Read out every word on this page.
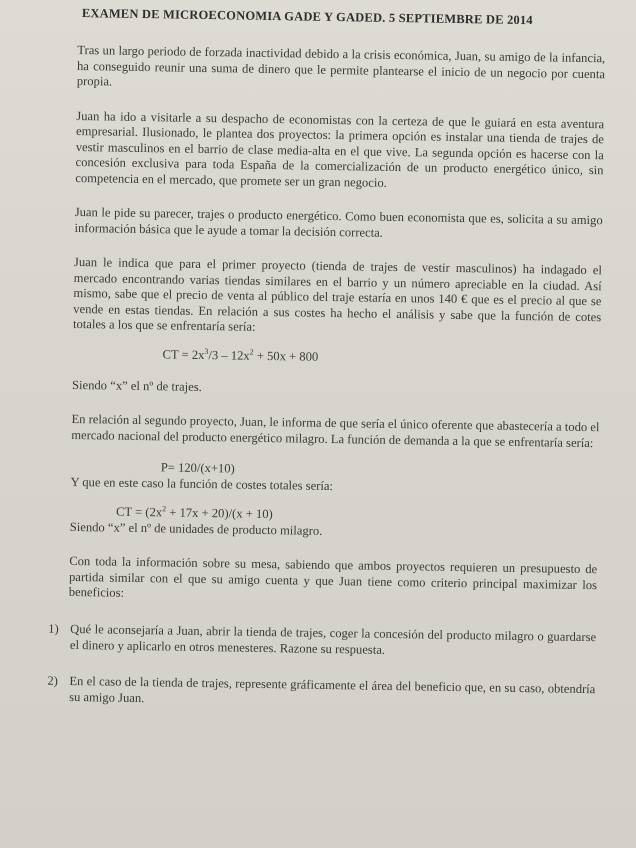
EXAMEN DE MICROECONOMIA GADE Y GADED. 5 SEPTIEMBRE DE 2014

Tras un largo periodo de forzada inactividad debido a la crisis económica, Juan, su amigo de la infancia, ha conseguido reunir una suma de dinero que le permite plantearse el inicio de un negocio por cuenta propia.

Juan ha ido a visitarle a su despacho de economistas con la certeza de que le guiará en esta aventura empresarial. Ilusionado, le plantea dos proyectos: la primera opción es instalar una tienda de trajes de vestir masculinos en el barrio de clase media-alta en el que vive. La segunda opción es hacerse con la concesión exclusiva para toda España de la comercialización de un producto energético único, sin competencia en el mercado, que promete ser un gran negocio.

Juan le pide su parecer, trajes o producto energético. Como buen economista que es, solicita a su amigo información básica que le ayude a tomar la decisión correcta.

Juan le indica que para el primer proyecto (tienda de trajes de vestir masculinos) ha indagado el mercado encontrando varias tiendas similares en el barrio y un número apreciable en la ciudad. Así mismo, sabe que el precio de venta al público del traje estaría en unos 140 € que es el precio al que se vende en estas tiendas. En relación a sus costes ha hecho el análisis y sabe que la función de cotes totales a los que se enfrentaría sería:

CT = $2x^3/3 - 12x^2 + 50x + 800$

Siendo “x” el nº de trajes.

En relación al segundo proyecto, Juan, le informa de que sería el único oferente que abastecería a todo el mercado nacional del producto energético milagro. La función de demanda a la que se enfrentaría sería:

P= 120/(x+10)

Y que en este caso la función de costes totales sería:

CT = $(2x^2 + 17x + 20)/(x + 10)$

Siendo “x” el nº de unidades de producto milagro.

Con toda la información sobre su mesa, sabiendo que ambos proyectos requieren un presupuesto de partida similar con el que su amigo cuenta y que Juan tiene como criterio principal maximizar los beneficios:

1) Qué le aconsejaría a Juan, abrir la tienda de trajes, coger la concesión del producto milagro o guardarse el dinero y aplicarlo en otros menesteres. Razone su respuesta.
2) En el caso de la tienda de trajes, represente gráficamente el área del beneficio que, en su caso, obtendría su amigo Juan.
